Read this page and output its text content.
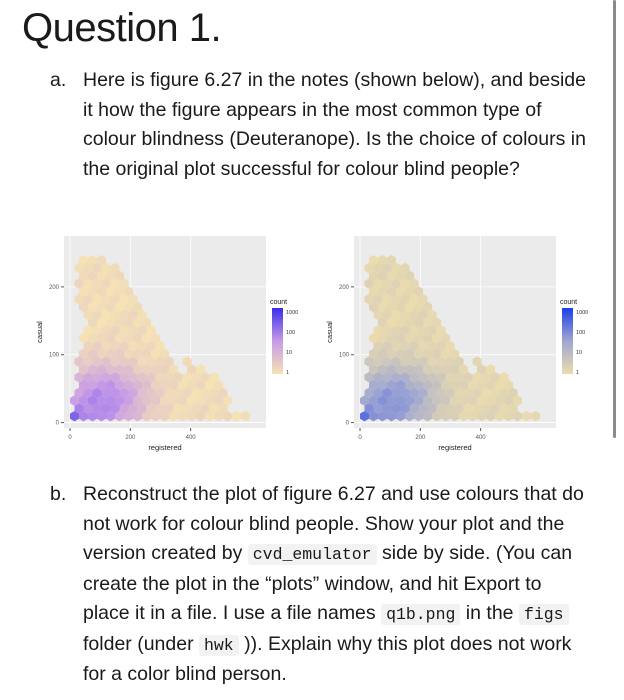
Question 1.
a. Here is figure 6.27 in the notes (shown below), and beside it how the figure appears in the most common type of colour blindness (Deuteranope). Is the choice of colours in the original plot successful for colour blind people?
0	200	400
0
100
200
registered
casual
count
1000
100
10
1
0	200	400
0
100
200
registered
casual
count
1000
100
10
1
b. Reconstruct the plot of figure 6.27 and use colours that do not work for colour blind people. Show your plot and the version created by cvd_emulator side by side. (You can create the plot in the “plots” window, and hit Export to place it in a file. I use a file names q1b.png in the figs folder (under hwk )). Explain why this plot does not work for a color blind person.
